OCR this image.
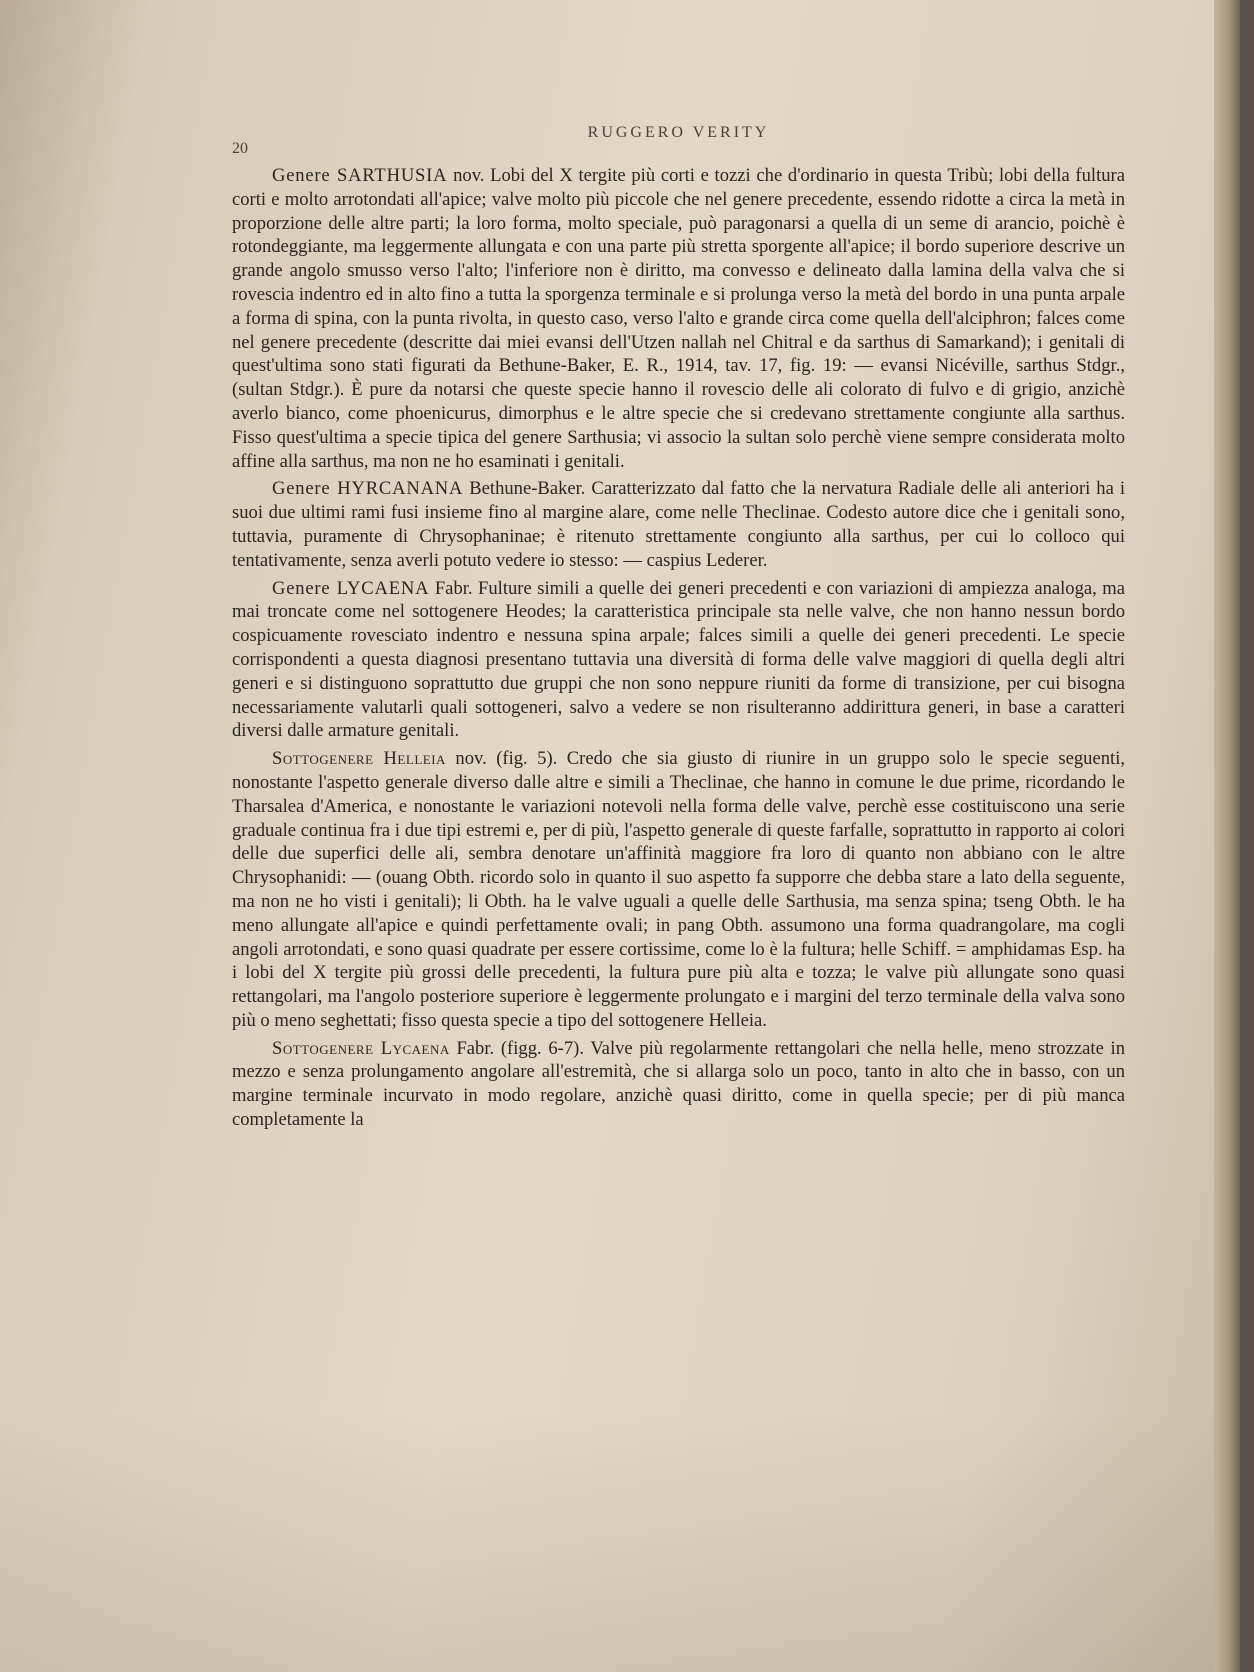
20
RUGGERO VERITY

Genere SARTHUSIA nov. Lobi del X tergite più corti e tozzi che d'ordinario in questa Tribù; lobi della fultura corti e molto arrotondati all'apice; valve molto più piccole che nel genere precedente, essendo ridotte a circa la metà in proporzione delle altre parti; la loro forma, molto speciale, può paragonarsi a quella di un seme di arancio, poichè è rotondeggiante, ma leggermente allungata e con una parte più stretta sporgente all'apice; il bordo superiore descrive un grande angolo smusso verso l'alto; l'inferiore non è diritto, ma convesso e delineato dalla lamina della valva che si rovescia indentro ed in alto fino a tutta la sporgenza terminale e si prolunga verso la metà del bordo in una punta arpale a forma di spina, con la punta rivolta, in questo caso, verso l'alto e grande circa come quella dell'alciphron; falces come nel genere precedente (descritte dai miei evansi dell'Utzen nallah nel Chitral e da sarthus di Samarkand); i genitali di quest'ultima sono stati figurati da Bethune-Baker, E. R., 1914, tav. 17, fig. 19: — evansi Nicéville, sarthus Stdgr., (sultan Stdgr.). È pure da notarsi che queste specie hanno il rovescio delle ali colorato di fulvo e di grigio, anzichè averlo bianco, come phoenicurus, dimorphus e le altre specie che si credevano strettamente congiunte alla sarthus. Fisso quest'ultima a specie tipica del genere Sarthusia; vi associo la sultan solo perchè viene sempre considerata molto affine alla sarthus, ma non ne ho esaminati i genitali.

Genere HYRCANANA Bethune-Baker. Caratterizzato dal fatto che la nervatura Radiale delle ali anteriori ha i suoi due ultimi rami fusi insieme fino al margine alare, come nelle Theclinae. Codesto autore dice che i genitali sono, tuttavia, puramente di Chrysophaninae; è ritenuto strettamente congiunto alla sarthus, per cui lo colloco qui tentativamente, senza averli potuto vedere io stesso: — caspius Lederer.

Genere LYCAENA Fabr. Fulture simili a quelle dei generi precedenti e con variazioni di ampiezza analoga, ma mai troncate come nel sottogenere Heodes; la caratteristica principale sta nelle valve, che non hanno nessun bordo cospicuamente rovesciato indentro e nessuna spina arpale; falces simili a quelle dei generi precedenti. Le specie corrispondenti a questa diagnosi presentano tuttavia una diversità di forma delle valve maggiori di quella degli altri generi e si distinguono soprattutto due gruppi che non sono neppure riuniti da forme di transizione, per cui bisogna necessariamente valutarli quali sottogeneri, salvo a vedere se non risulteranno addirittura generi, in base a caratteri diversi dalle armature genitali.

Sottogenere Helleia nov. (fig. 5). Credo che sia giusto di riunire in un gruppo solo le specie seguenti, nonostante l'aspetto generale diverso dalle altre e simili a Theclinae, che hanno in comune le due prime, ricordando le Tharsalea d'America, e nonostante le variazioni notevoli nella forma delle valve, perchè esse costituiscono una serie graduale continua fra i due tipi estremi e, per di più, l'aspetto generale di queste farfalle, soprattutto in rapporto ai colori delle due superfici delle ali, sembra denotare un'affinità maggiore fra loro di quanto non abbiano con le altre Chrysophanidi: — (ouang Obth. ricordo solo in quanto il suo aspetto fa supporre che debba stare a lato della seguente, ma non ne ho visti i genitali); li Obth. ha le valve uguali a quelle delle Sarthusia, ma senza spina; tseng Obth. le ha meno allungate all'apice e quindi perfettamente ovali; in pang Obth. assumono una forma quadrangolare, ma cogli angoli arrotondati, e sono quasi quadrate per essere cortissime, come lo è la fultura; helle Schiff. = amphidamas Esp. ha i lobi del X tergite più grossi delle precedenti, la fultura pure più alta e tozza; le valve più allungate sono quasi rettangolari, ma l'angolo posteriore superiore è leggermente prolungato e i margini del terzo terminale della valva sono più o meno seghettati; fisso questa specie a tipo del sottogenere Helleia.

Sottogenere Lycaena Fabr. (figg. 6-7). Valve più regolarmente rettangolari che nella helle, meno strozzate in mezzo e senza prolungamento angolare all'estremità, che si allarga solo un poco, tanto in alto che in basso, con un margine terminale incurvato in modo regolare, anzichè quasi diritto, come in quella specie; per di più manca completamente la
